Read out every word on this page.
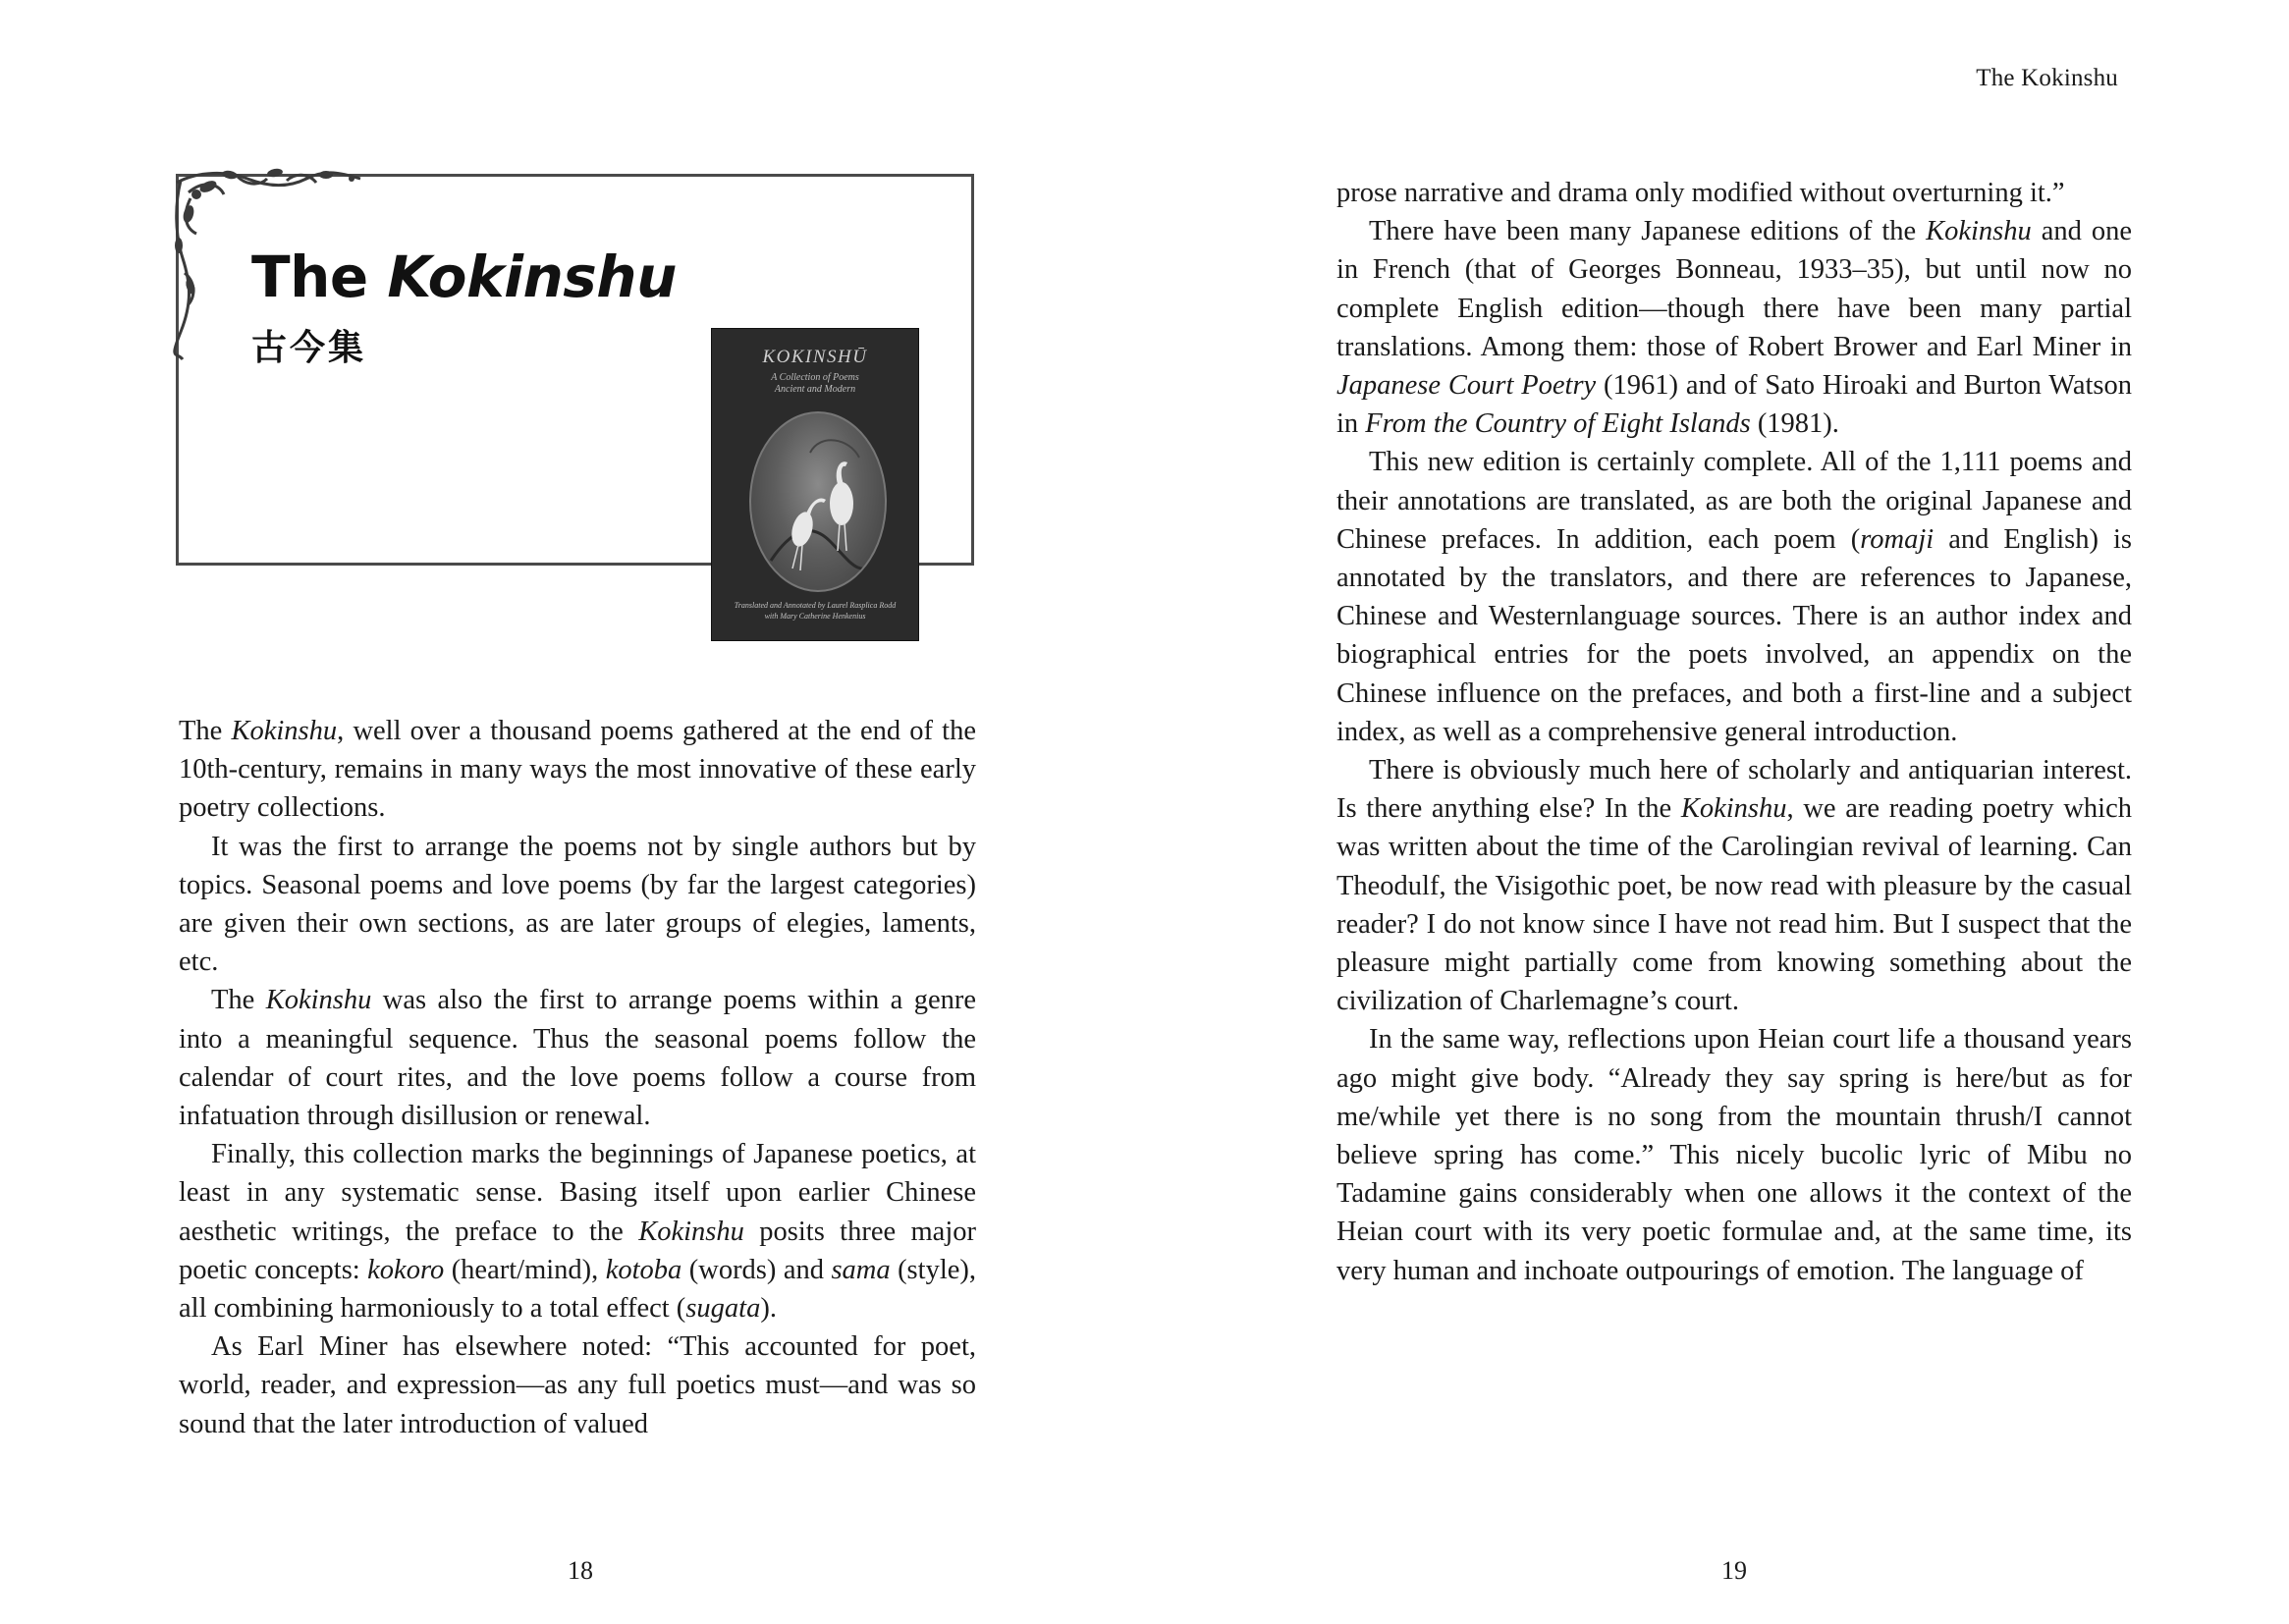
The Kokinshu
古今集	KOKINSHŪ
A Collection of Poems
Ancient and Modern
Translated and Annotated by Laurel Rasplica Rodd
with Mary Catherine Henkenius

The Kokinshu, well over a thousand poems gathered at the end of the 10th-century, remains in many ways the most innovative of these early poetry collections.

It was the first to arrange the poems not by single authors but by topics. Seasonal poems and love poems (by far the largest categories) are given their own sections, as are later groups of elegies, laments, etc.

The Kokinshu was also the first to arrange poems within a genre into a meaningful sequence. Thus the seasonal poems follow the calendar of court rites, and the love poems follow a course from infatuation through disillusion or renewal.

Finally, this collection marks the beginnings of Japanese poetics, at least in any systematic sense. Basing itself upon earlier Chinese aesthetic writings, the preface to the Kokinshu posits three major poetic concepts: kokoro (heart/mind), kotoba (words) and sama (style), all combining harmoniously to a total effect (sugata).

As Earl Miner has elsewhere noted: “This accounted for poet, world, reader, and expression—as any full poetics must—and was so sound that the later introduction of valued

18
The Kokinshu

prose narrative and drama only modified without overturning it.”

There have been many Japanese editions of the Kokinshu and one in French (that of Georges Bonneau, 1933–35), but until now no complete English edition—though there have been many partial translations. Among them: those of Robert Brower and Earl Miner in Japanese Court Poetry (1961) and of Sato Hiroaki and Burton Watson in From the Country of Eight Islands (1981).

This new edition is certainly complete. All of the 1,111 poems and their annotations are translated, as are both the original Japanese and Chinese prefaces. In addition, each poem (romaji and English) is annotated by the translators, and there are references to Japanese, Chinese and Westernlanguage sources. There is an author index and biographical entries for the poets involved, an appendix on the Chinese influence on the prefaces, and both a first-line and a subject index, as well as a comprehensive general introduction.

There is obviously much here of scholarly and antiquarian interest. Is there anything else? In the Kokinshu, we are reading poetry which was written about the time of the Carolingian revival of learning. Can Theodulf, the Visigothic poet, be now read with pleasure by the casual reader? I do not know since I have not read him. But I suspect that the pleasure might partially come from knowing something about the civilization of Charlemagne’s court.

In the same way, reflections upon Heian court life a thousand years ago might give body. “Already they say spring is here/but as for me/while yet there is no song from the mountain thrush/I cannot believe spring has come.” This nicely bucolic lyric of Mibu no Tadamine gains considerably when one allows it the context of the Heian court with its very poetic formulae and, at the same time, its very human and inchoate outpourings of emotion. The language of

19
